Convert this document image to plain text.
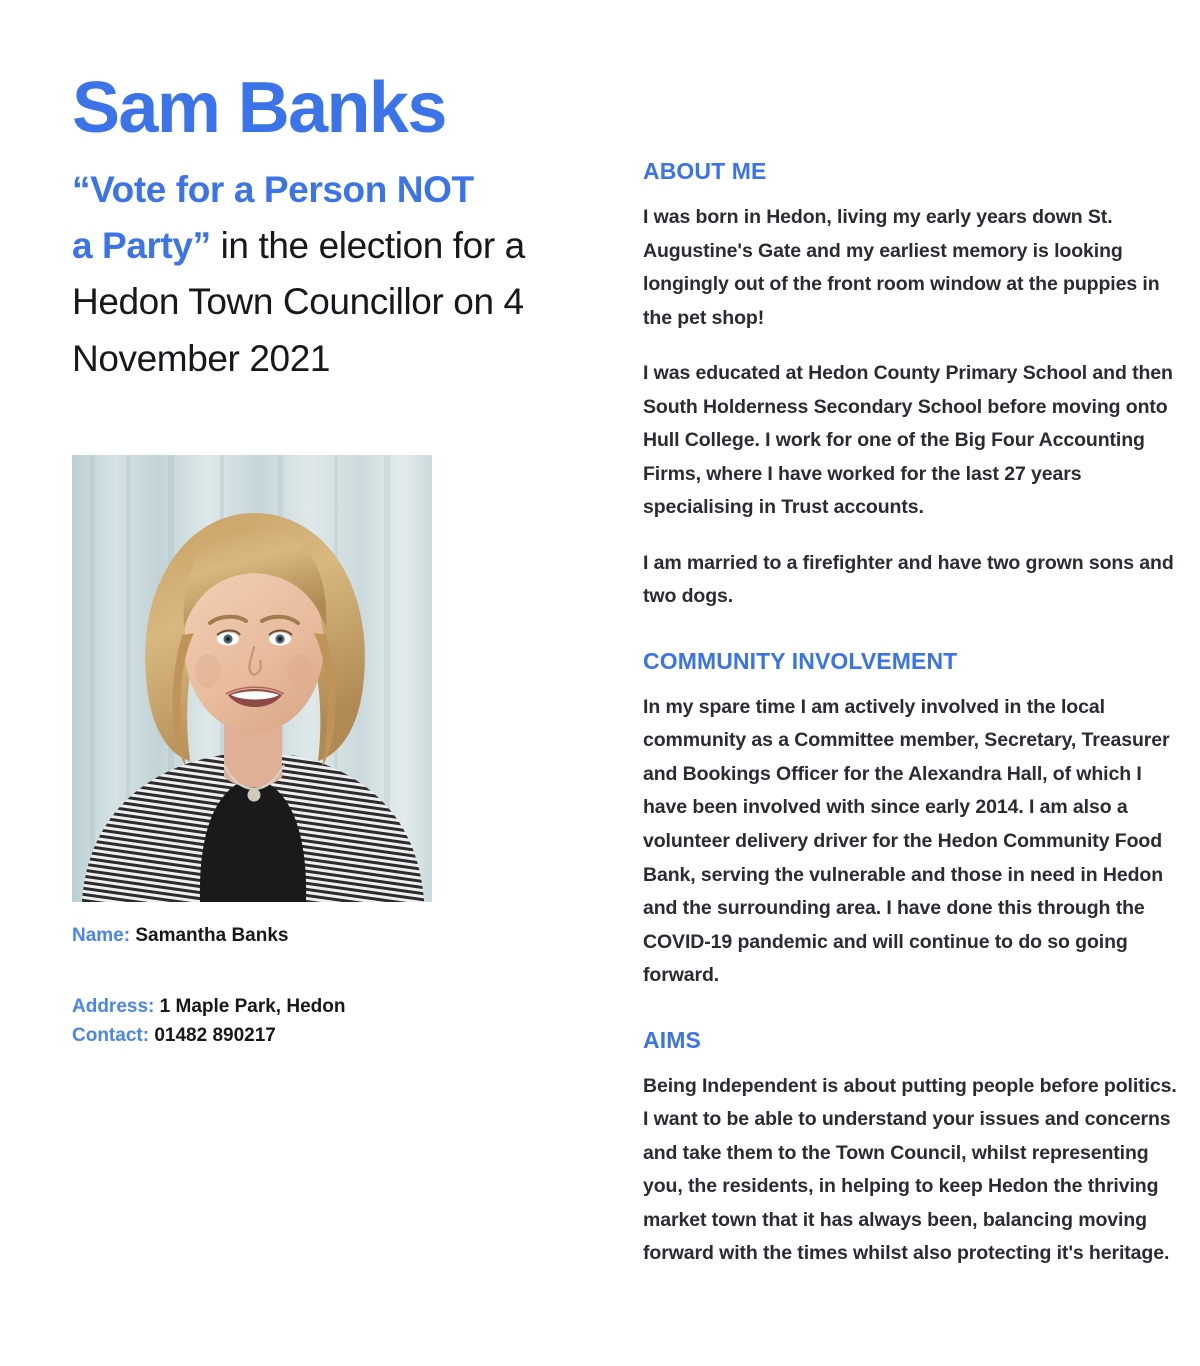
Sam Banks
“Vote for a Person NOT
a Party” in the election for a Hedon Town Councillor on 4 November 2021
Name: Samantha Banks
Address: 1 Maple Park, Hedon
Contact: 01482 890217
ABOUT ME

I was born in Hedon, living my early years down St. Augustine's Gate and my earliest memory is looking longingly out of the front room window at the puppies in the pet shop!

I was educated at Hedon County Primary School and then South Holderness Secondary School before moving onto Hull College. I work for one of the Big Four Accounting Firms, where I have worked for the last 27 years specialising in Trust accounts.

I am married to a firefighter and have two grown sons and two dogs.

COMMUNITY INVOLVEMENT

In my spare time I am actively involved in the local community as a Committee member, Secretary, Treasurer and Bookings Officer for the Alexandra Hall, of which I have been involved with since early 2014. I am also a volunteer delivery driver for the Hedon Community Food Bank, serving the vulnerable and those in need in Hedon and the surrounding area. I have done this through the COVID-19 pandemic and will continue to do so going forward.

AIMS

Being Independent is about putting people before politics. I want to be able to understand your issues and concerns and take them to the Town Council, whilst representing you, the residents, in helping to keep Hedon the thriving market town that it has always been, balancing moving forward with the times whilst also protecting it's heritage.
